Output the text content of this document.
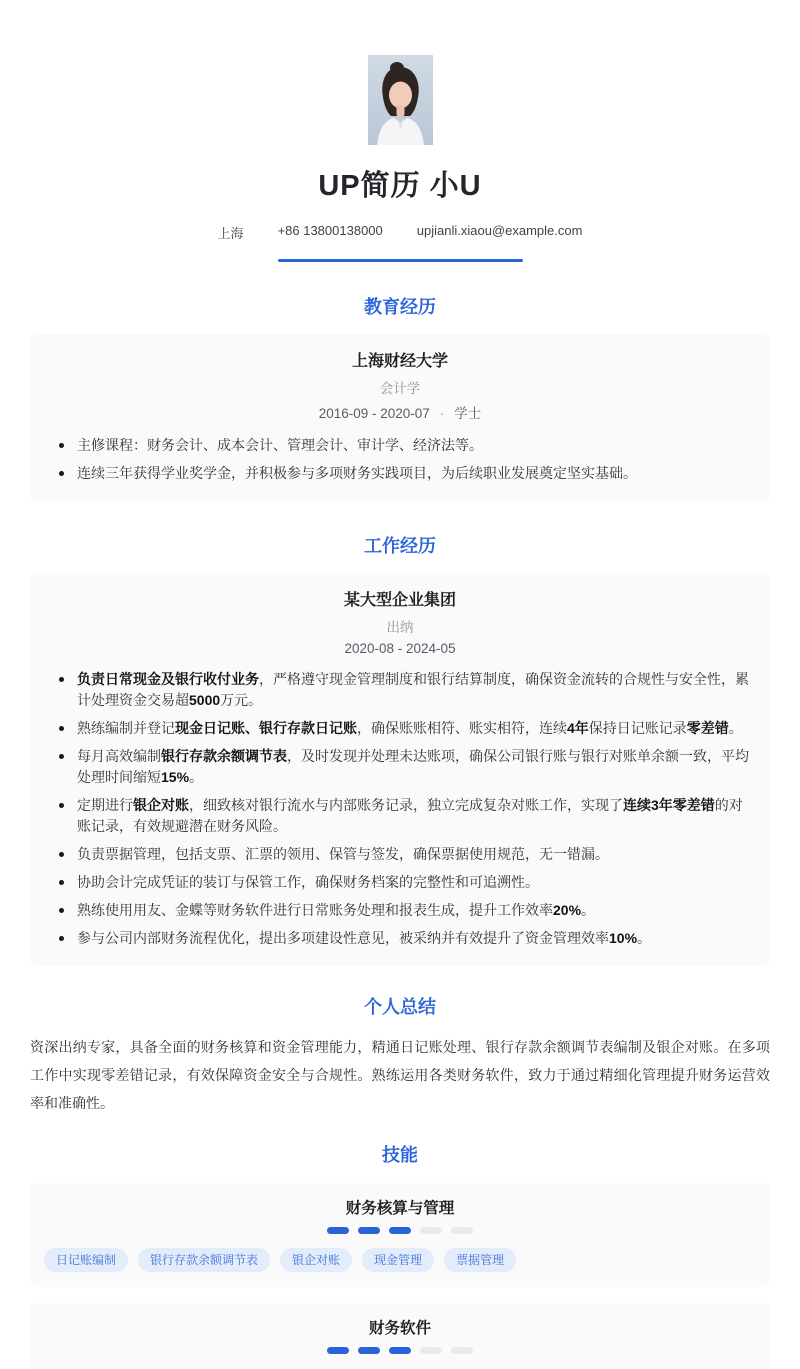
UP简历 小U
上海	+86 13800138000	upjianli.xiaou@example.com
教育经历
上海财经大学
会计学
2016-09 - 2020-07 · 学士
主修课程：财务会计、成本会计、管理会计、审计学、经济法等。
连续三年获得学业奖学金，并积极参与多项财务实践项目，为后续职业发展奠定坚实基础。
工作经历
某大型企业集团
出纳
2020-08 - 2024-05
负责日常现金及银行收付业务，严格遵守现金管理制度和银行结算制度，确保资金流转的合规性与安全性，累计处理资金交易超5000万元。
熟练编制并登记现金日记账、银行存款日记账，确保账账相符、账实相符，连续4年保持日记账记录零差错。
每月高效编制银行存款余额调节表，及时发现并处理未达账项，确保公司银行账与银行对账单余额一致，平均处理时间缩短15%。
定期进行银企对账，细致核对银行流水与内部账务记录，独立完成复杂对账工作，实现了连续3年零差错的对账记录，有效规避潜在财务风险。
负责票据管理，包括支票、汇票的领用、保管与签发，确保票据使用规范，无一错漏。
协助会计完成凭证的装订与保管工作，确保财务档案的完整性和可追溯性。
熟练使用用友、金蝶等财务软件进行日常账务处理和报表生成，提升工作效率20%。
参与公司内部财务流程优化，提出多项建设性意见，被采纳并有效提升了资金管理效率10%。
个人总结

资深出纳专家，具备全面的财务核算和资金管理能力，精通日记账处理、银行存款余额调节表编制及银企对账。在多项工作中实现零差错记录，有效保障资金安全与合规性。熟练运用各类财务软件，致力于通过精细化管理提升财务运营效率和准确性。

技能
财务核算与管理
日记账编制	银行存款余额调节表	银企对账	现金管理	票据管理
财务软件
